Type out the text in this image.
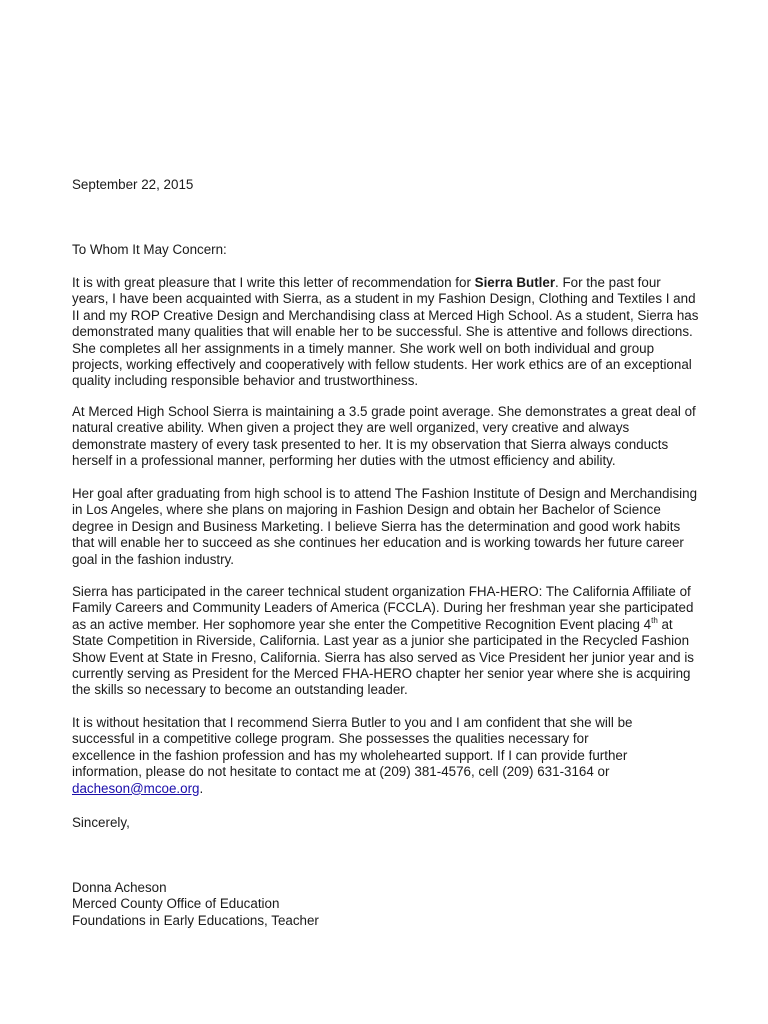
September 22, 2015

To Whom It May Concern:

It is with great pleasure that I write this letter of recommendation for Sierra Butler. For the past four
years, I have been acquainted with Sierra, as a student in my Fashion Design, Clothing and Textiles I and
II and my ROP Creative Design and Merchandising class at Merced High School. As a student, Sierra has
demonstrated many qualities that will enable her to be successful. She is attentive and follows directions.
She completes all her assignments in a timely manner. She work well on both individual and group
projects, working effectively and cooperatively with fellow students. Her work ethics are of an exceptional
quality including responsible behavior and trustworthiness.

At Merced High School Sierra is maintaining a 3.5 grade point average. She demonstrates a great deal of
natural creative ability. When given a project they are well organized, very creative and always
demonstrate mastery of every task presented to her. It is my observation that Sierra always conducts
herself in a professional manner, performing her duties with the utmost efficiency and ability.

Her goal after graduating from high school is to attend The Fashion Institute of Design and Merchandising
in Los Angeles, where she plans on majoring in Fashion Design and obtain her Bachelor of Science
degree in Design and Business Marketing. I believe Sierra has the determination and good work habits
that will enable her to succeed as she continues her education and is working towards her future career
goal in the fashion industry.

Sierra has participated in the career technical student organization FHA-HERO: The California Affiliate of
Family Careers and Community Leaders of America (FCCLA). During her freshman year she participated
as an active member. Her sophomore year she enter the Competitive Recognition Event placing 4th at
State Competition in Riverside, California. Last year as a junior she participated in the Recycled Fashion
Show Event at State in Fresno, California. Sierra has also served as Vice President her junior year and is
currently serving as President for the Merced FHA-HERO chapter her senior year where she is acquiring
the skills so necessary to become an outstanding leader.

It is without hesitation that I recommend Sierra Butler to you and I am confident that she will be
successful in a competitive college program. She possesses the qualities necessary for
excellence in the fashion profession and has my wholehearted support. If I can provide further
information, please do not hesitate to contact me at (209) 381-4576, cell (209) 631-3164 or
dacheson@mcoe.org.

Sincerely,

Donna Acheson
Merced County Office of Education
Foundations in Early Educations, Teacher
